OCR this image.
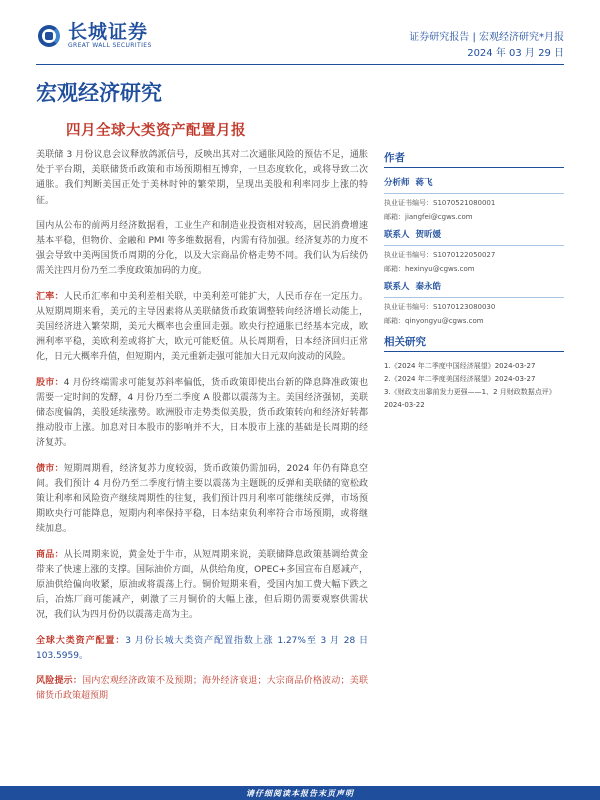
长城证券
GREAT WALL SECURITIES
证券研究报告 | 宏观经济研究*月报
2024 年 03 月 29 日
宏观经济研究
四月全球大类资产配置月报

美联储 3 月份议息会议释放鸽派信号，反映出其对二次通胀风险的预估不足，通胀处于平台期，美联储货币政策和市场预期相互博弈，一旦态度软化，或将导致二次通胀。我们判断美国正处于美林时钟的繁荣期，呈现出美股和利率同步上涨的特征。

国内从公布的前两月经济数据看，工业生产和制造业投资相对较高，居民消费增速基本平稳，但物价、金融和 PMI 等多维数据看，内需有待加强。经济复苏的力度不强会导致中美两国货币周期的分化，以及大宗商品价格走势不同。我们认为后续仍需关注四月份乃至二季度政策加码的力度。

汇率：人民币汇率和中美利差相关联，中美利差可能扩大，人民币存在一定压力。从短期周期来看，美元的主导因素将从美联储货币政策调整转向经济增长动能上，美国经济进入繁荣期，美元大概率也会重回走强。欧央行控通胀已经基本完成，欧洲利率平稳，美欧利差或将扩大，欧元可能贬值。从长周期看，日本经济回归正常化，日元大概率升值，但短期内，美元重新走强可能加大日元双向波动的风险。

股市：4 月份终端需求可能复苏斜率偏低，货币政策即使出台新的降息降准政策也需要一定时间的发酵，4 月份乃至二季度 A 股都以震荡为主。美国经济强韧，美联储态度偏鸽，美股延续涨势。欧洲股市走势类似美股，货币政策转向和经济好转都推动股市上涨。加息对日本股市的影响并不大，日本股市上涨的基础是长周期的经济复苏。

债市：短期周期看，经济复苏力度较弱，货币政策仍需加码，2024 年仍有降息空间。我们预计 4 月份乃至二季度行情主要以震荡为主题既的反弹和美联储的宽松政策让利率和风险资产继续周期性的往复，我们预计四月利率可能继续反弹，市场预期欧央行可能降息，短期内利率保持平稳，日本结束负利率符合市场预期，或将继续加息。

商品：从长周期来说，黄金处于牛市，从短周期来说，美联储降息政策基调给黄金带来了快速上涨的支撑。国际油价方面，从供给角度，OPEC+多国宣布自愿减产，原油供给偏向收紧，原油或将震荡上行。铜价短期来看，受国内加工费大幅下跌之后，冶炼厂商可能减产，刺激了三月铜价的大幅上涨，但后期仍需要观察供需状况，我们认为四月份仍以震荡走高为主。

全球大类资产配置：3 月份长城大类资产配置指数上涨 1.27%至 3 月 28 日 103.5959。

风险提示：国内宏观经济政策不及预期；海外经济衰退；大宗商品价格波动；美联储货币政策超预期

作者
分析师 蒋飞
执业证书编号：S1070521080001
邮箱：jiangfei@cgws.com
联系人 贺昕媛
执业证书编号：S1070122050027
邮箱：hexinyu@cgws.com
联系人 秦永皓
执业证书编号：S1070123080030
邮箱：qinyongyu@cgws.com
相关研究
1.《2024 年二季度中国经济展望》2024-03-27
2.《2024 年二季度美国经济展望》2024-03-27
3.《财政支出靠前发力更强——1、2 月财政数据点评》
2024-03-22
请仔细阅读本报告末页声明
